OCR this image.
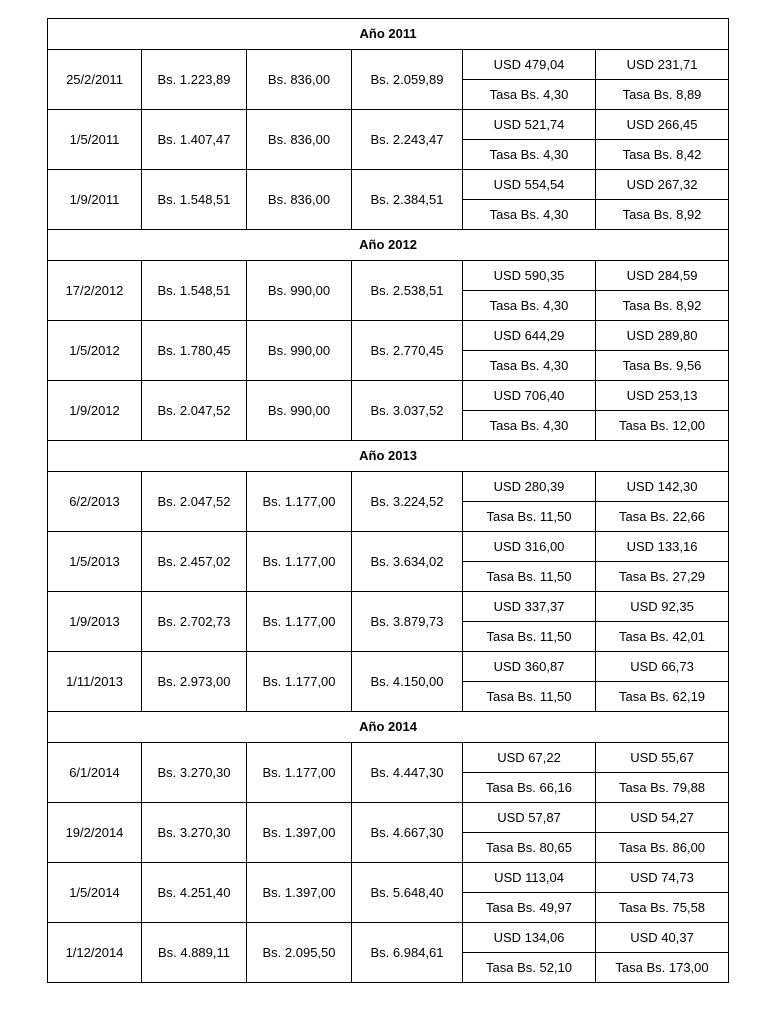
Año 2011					
25/2/2011	Bs. 1.223,89	Bs. 836,00	Bs. 2.059,89	USD 479,04	USD 231,71
				Tasa Bs. 4,30	Tasa Bs. 8,89
1/5/2011	Bs. 1.407,47	Bs. 836,00	Bs. 2.243,47	USD 521,74	USD 266,45
				Tasa Bs. 4,30	Tasa Bs. 8,42
1/9/2011	Bs. 1.548,51	Bs. 836,00	Bs. 2.384,51	USD 554,54	USD 267,32
				Tasa Bs. 4,30	Tasa Bs. 8,92
Año 2012					
17/2/2012	Bs. 1.548,51	Bs. 990,00	Bs. 2.538,51	USD 590,35	USD 284,59
				Tasa Bs. 4,30	Tasa Bs. 8,92
1/5/2012	Bs. 1.780,45	Bs. 990,00	Bs. 2.770,45	USD 644,29	USD 289,80
				Tasa Bs. 4,30	Tasa Bs. 9,56
1/9/2012	Bs. 2.047,52	Bs. 990,00	Bs. 3.037,52	USD 706,40	USD 253,13
				Tasa Bs. 4,30	Tasa Bs. 12,00
Año 2013					
6/2/2013	Bs. 2.047,52	Bs. 1.177,00	Bs. 3.224,52	USD 280,39	USD 142,30
				Tasa Bs. 11,50	Tasa Bs. 22,66
1/5/2013	Bs. 2.457,02	Bs. 1.177,00	Bs. 3.634,02	USD 316,00	USD 133,16
				Tasa Bs. 11,50	Tasa Bs. 27,29
1/9/2013	Bs. 2.702,73	Bs. 1.177,00	Bs. 3.879,73	USD 337,37	USD 92,35
				Tasa Bs. 11,50	Tasa Bs. 42,01
1/11/2013	Bs. 2.973,00	Bs. 1.177,00	Bs. 4.150,00	USD 360,87	USD 66,73
				Tasa Bs. 11,50	Tasa Bs. 62,19
Año 2014					
6/1/2014	Bs. 3.270,30	Bs. 1.177,00	Bs. 4.447,30	USD 67,22	USD 55,67
				Tasa Bs. 66,16	Tasa Bs. 79,88
19/2/2014	Bs. 3.270,30	Bs. 1.397,00	Bs. 4.667,30	USD 57,87	USD 54,27
				Tasa Bs. 80,65	Tasa Bs. 86,00
1/5/2014	Bs. 4.251,40	Bs. 1.397,00	Bs. 5.648,40	USD 113,04	USD 74,73
				Tasa Bs. 49,97	Tasa Bs. 75,58
1/12/2014	Bs. 4.889,11	Bs. 2.095,50	Bs. 6.984,61	USD 134,06	USD 40,37
				Tasa Bs. 52,10	Tasa Bs. 173,00
